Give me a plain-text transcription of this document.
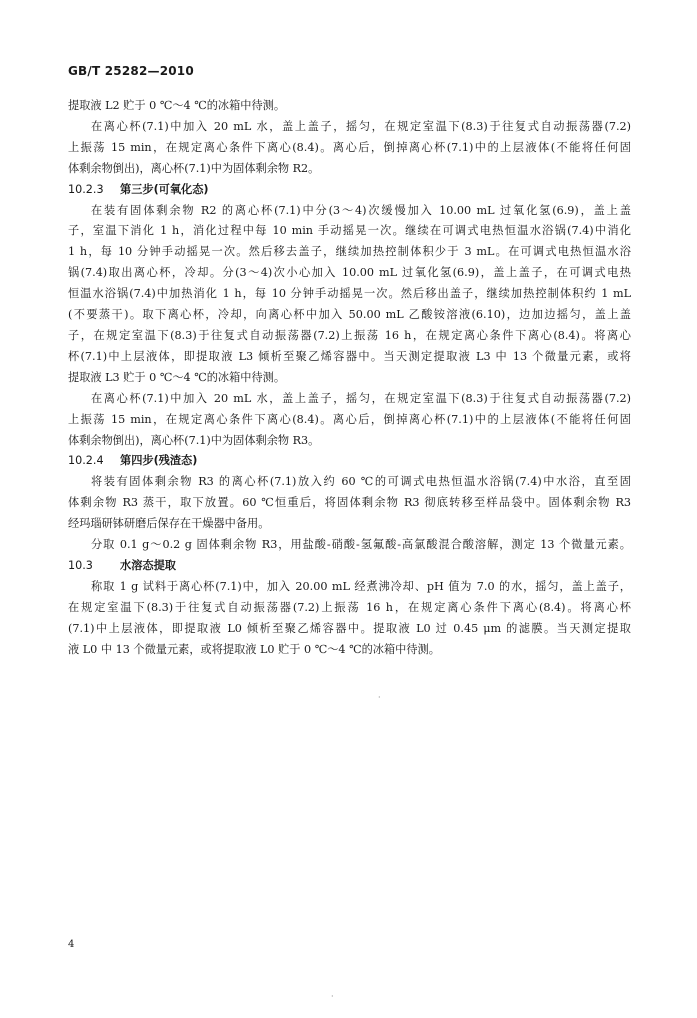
GB/T 25282—2010
提取液 L2 贮于 0 ℃～4 ℃的冰箱中待测。
在离心杯(7.1)中加入 20 mL 水，盖上盖子，摇匀，在规定室温下(8.3)于往复式自动振荡器(7.2)
上振荡 15 min，在规定离心条件下离心(8.4)。离心后，倒掉离心杯(7.1)中的上层液体(不能将任何固
体剩余物倒出)，离心杯(7.1)中为固体剩余物 R2。
10.2.3 第三步(可氧化态)
在装有固体剩余物 R2 的离心杯(7.1)中分(3～4)次缓慢加入 10.00 mL 过氧化氢(6.9)，盖上盖
子，室温下消化 1 h，消化过程中每 10 min 手动摇晃一次。继续在可调式电热恒温水浴锅(7.4)中消化
1 h，每 10 分钟手动摇晃一次。然后移去盖子，继续加热控制体积少于 3 mL。在可调式电热恒温水浴
锅(7.4)取出离心杯，冷却。分(3～4)次小心加入 10.00 mL 过氧化氢(6.9)，盖上盖子，在可调式电热
恒温水浴锅(7.4)中加热消化 1 h，每 10 分钟手动摇晃一次。然后移出盖子，继续加热控制体积约 1 mL
(不要蒸干)。取下离心杯，冷却，向离心杯中加入 50.00 mL 乙酸铵溶液(6.10)，边加边摇匀，盖上盖
子，在规定室温下(8.3)于往复式自动振荡器(7.2)上振荡 16 h，在规定离心条件下离心(8.4)。将离心
杯(7.1)中上层液体，即提取液 L3 倾析至聚乙烯容器中。当天测定提取液 L3 中 13 个微量元素，或将
提取液 L3 贮于 0 ℃～4 ℃的冰箱中待测。
在离心杯(7.1)中加入 20 mL 水，盖上盖子，摇匀，在规定室温下(8.3)于往复式自动振荡器(7.2)
上振荡 15 min，在规定离心条件下离心(8.4)。离心后，倒掉离心杯(7.1)中的上层液体(不能将任何固
体剩余物倒出)，离心杯(7.1)中为固体剩余物 R3。
10.2.4 第四步(残渣态)
将装有固体剩余物 R3 的离心杯(7.1)放入约 60 ℃的可调式电热恒温水浴锅(7.4)中水浴，直至固
体剩余物 R3 蒸干，取下放置。60 ℃恒重后，将固体剩余物 R3 彻底转移至样品袋中。固体剩余物 R3
经玛瑙研钵研磨后保存在干燥器中备用。
分取 0.1 g～0.2 g 固体剩余物 R3，用盐酸-硝酸-氢氟酸-高氯酸混合酸溶解，测定 13 个微量元素。
10.3 水溶态提取
称取 1 g 试料于离心杯(7.1)中，加入 20.00 mL 经煮沸冷却、pH 值为 7.0 的水，摇匀，盖上盖子，
在规定室温下(8.3)于往复式自动振荡器(7.2)上振荡 16 h，在规定离心条件下离心(8.4)。将离心杯
(7.1)中上层液体，即提取液 L0 倾析至聚乙烯容器中。提取液 L0 过 0.45 μm 的滤膜。当天测定提取
液 L0 中 13 个微量元素，或将提取液 L0 贮于 0 ℃～4 ℃的冰箱中待测。
·
4
·
